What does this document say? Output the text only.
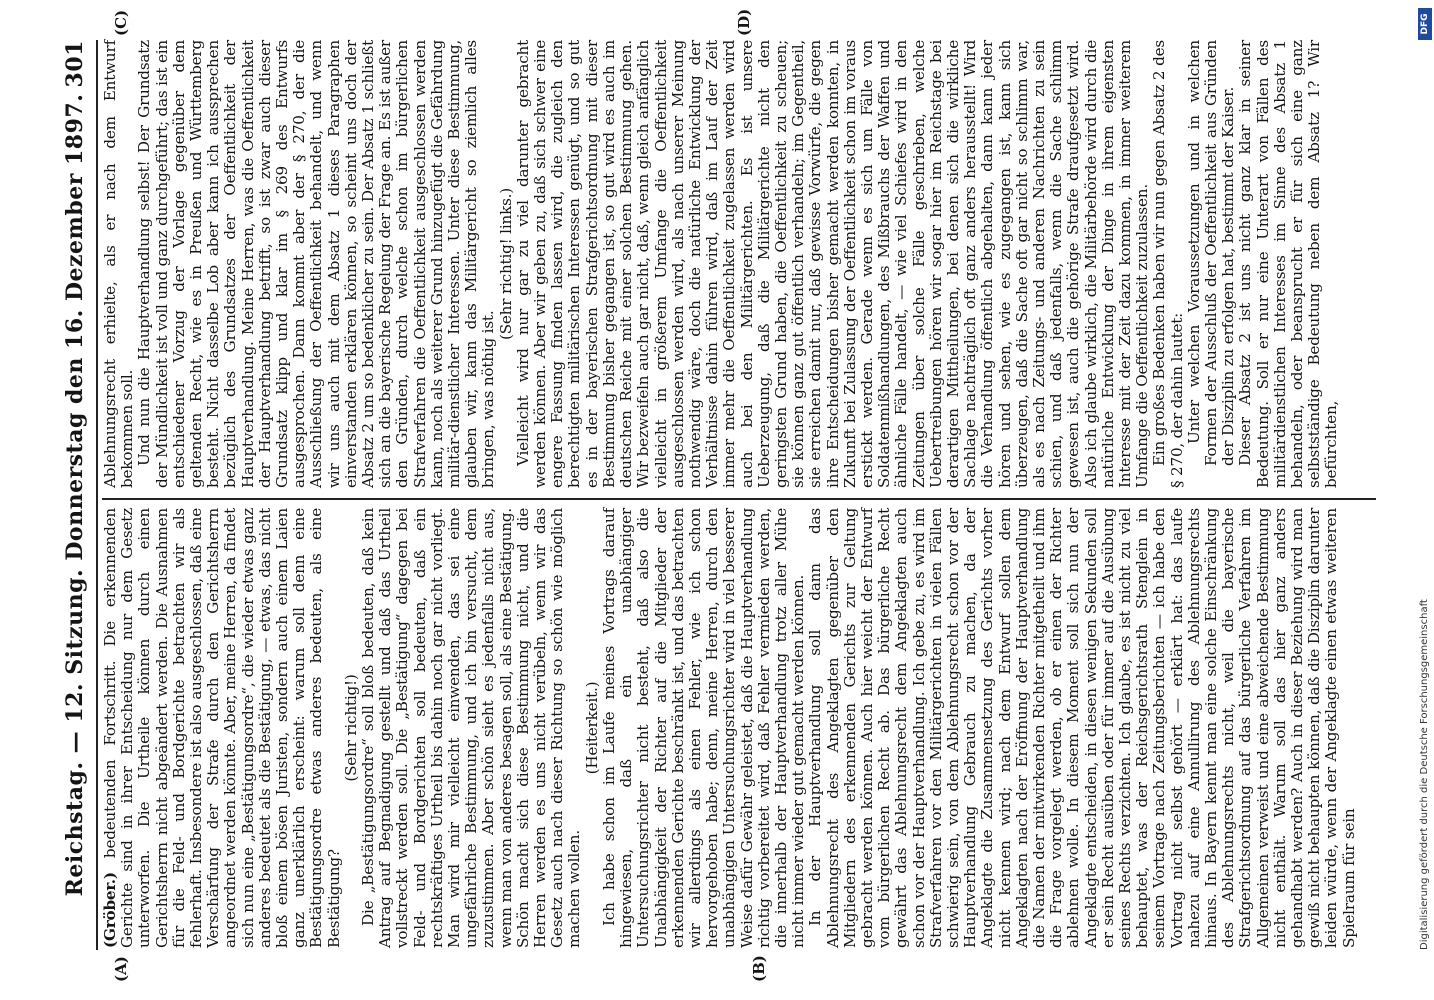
Reichstag. — 12. Sitzung. Donnerstag den 16. Dezember 1897.
301
(A)	(B)
(C)	(D)

(Gröber.) bedeutenden Fortschritt. Die erkennenden Gerichte sind in ihrer Entscheidung nur dem Gesetz unterworfen. Die Urtheile können durch einen Gerichtsherrn nicht abgeändert werden. Die Ausnahmen für die Feld- und Bordgerichte betrachten wir als fehlerhaft. Insbesondere ist also ausgeschlossen, daß eine Verschärfung der Strafe durch den Gerichtsherrn angeordnet werden könnte. Aber, meine Herren, da findet sich nun eine „Bestätigungsordre“, die wieder etwas ganz anderes bedeutet als die Bestätigung, — etwas, das nicht bloß einem bösen Juristen, sondern auch einem Laien ganz unerklärlich erscheint: warum soll denn eine Bestätigungsordre etwas anderes bedeuten, als eine Bestätigung?

(Sehr richtig!) Die „Bestätigungsordre“ soll bloß bedeuten, daß kein Antrag auf Begnadigung gestellt und daß das Urtheil vollstreckt werden soll. Die „Bestätigung“ dagegen bei Feld- und Bordgerichten soll bedeuten, daß ein rechtskräftiges Urtheil bis dahin noch gar nicht vorliegt. Man wird mir vielleicht einwenden, das sei eine ungefährliche Bestimmung, und ich bin versucht, dem zuzustimmen. Aber schön sieht es jedenfalls nicht aus, wenn man von anderes besagen soll, als eine Bestätigung. Schön macht sich diese Bestimmung nicht, und die Herren werden es uns nicht verübeln, wenn wir das Gesetz auch nach dieser Richtung so schön wie möglich machen wollen.

(Heiterkeit.) Ich habe schon im Laufe meines Vortrags darauf hingewiesen, daß ein unabhängiger Untersuchungsrichter nicht besteht, daß also die Unabhängigkeit der Richter auf die Mitglieder der erkennenden Gerichte beschränkt ist, und das betrachten wir allerdings als einen Fehler, wie ich schon hervorgehoben habe; denn, meine Herren, durch den unabhängigen Untersuchungsrichter wird in viel besserer Weise dafür Gewähr geleistet, daß die Hauptverhandlung richtig vorbereitet wird, daß Fehler vermieden werden, die innerhalb der Hauptverhandlung trotz aller Mühe nicht immer wieder gut gemacht werden können. In der Hauptverhandlung soll dann das Ablehnungsrecht des Angeklagten gegenüber den Mitgliedern des erkennenden Gerichts zur Geltung gebracht werden können. Auch hier weicht der Entwurf vom bürgerlichen Recht ab. Das bürgerliche Recht gewährt das Ablehnungsrecht dem Angeklagten auch schon vor der Hauptverhandlung. Ich gebe zu, es wird im Strafverfahren vor den Militärgerichten in vielen Fällen schwierig sein, von dem Ablehnungsrecht schon vor der Hauptverhandlung Gebrauch zu machen, da der Angeklagte die Zusammensetzung des Gerichts vorher nicht kennen wird; nach dem Entwurf sollen dem Angeklagten nach der Eröffnung der Hauptverhandlung die Namen der mitwirkenden Richter mitgetheilt und ihm die Frage vorgelegt werden, ob er einen der Richter ablehnen wolle. In diesem Moment soll sich nun der Angeklagte entscheiden, in diesen wenigen Sekunden soll er sein Recht ausüben oder für immer auf die Ausübung seines Rechts verzichten. Ich glaube, es ist nicht zu viel behauptet, was der Reichsgerichtsrath Stenglein in seinem Vortrage nach Zeitungsberichten — ich habe den Vortrag nicht selbst gehört — erklärt hat: das laufe nahezu auf eine Annullirung des Ablehnungsrechts hinaus. In Bayern kennt man eine solche Einschränkung des Ablehnungsrechts nicht, weil die bayerische Strafgerichtsordnung auf das bürgerliche Verfahren im Allgemeinen verweist und eine abweichende Bestimmung nicht enthält. Warum soll das hier ganz anders gehandhabt werden? Auch in dieser Beziehung wird man gewiß nicht behaupten können, daß die Disziplin darunter leiden würde, wenn der Angeklagte einen etwas weiteren Spielraum für sein

Ablehnungsrecht erhielte, als er nach dem Entwurf bekommen soll. Und nun die Hauptverhandlung selbst! Der Grundsatz der Mündlichkeit ist voll und ganz durchgeführt; das ist ein entschiedener Vorzug der Vorlage gegenüber dem geltenden Recht, wie es in Preußen und Württemberg besteht. Nicht dasselbe Lob aber kann ich aussprechen bezüglich des Grundsatzes der Oeffentlichkeit der Hauptverhandlung. Meine Herren, was die Oeffentlichkeit der Hauptverhandlung betrifft, so ist zwar auch dieser Grundsatz klipp und klar im § 269 des Entwurfs ausgesprochen. Dann kommt aber der § 270, der die Ausschließung der Oeffentlichkeit behandelt, und wenn wir uns auch mit dem Absatz 1 dieses Paragraphen einverstanden erklären können, so scheint uns doch der Absatz 2 um so bedenklicher zu sein. Der Absatz 1 schließt sich an die bayerische Regelung der Frage an. Es ist außer den Gründen, durch welche schon im bürgerlichen Strafverfahren die Oeffentlichkeit ausgeschlossen werden kann, noch als weiterer Grund hinzugefügt die Gefährdung militär-dienstlicher Interessen. Unter diese Bestimmung, glauben wir, kann das Militärgericht so ziemlich alles bringen, was nöthig ist.

(Sehr richtig! links.) Vielleicht wird nur gar zu viel darunter gebracht werden können. Aber wir geben zu, daß sich schwer eine engere Fassung finden lassen wird, die zugleich den berechtigten militärischen Interessen genügt, und so gut es in der bayerischen Strafgerichtsordnung mit dieser Bestimmung bisher gegangen ist, so gut wird es auch im deutschen Reiche mit einer solchen Bestimmung gehen. Wir bezweifeln auch gar nicht, daß, wenn gleich anfänglich vielleicht in größerem Umfange die Oeffentlichkeit ausgeschlossen werden wird, als nach unserer Meinung nothwendig wäre, doch die natürliche Entwicklung der Verhältnisse dahin führen wird, daß im Lauf der Zeit immer mehr die Oeffentlichkeit zugelassen werden wird auch bei den Militärgerichten. Es ist unsere Ueberzeugung, daß die Militärgerichte nicht den geringsten Grund haben, die Oeffentlichkeit zu scheuen; sie können ganz gut öffentlich verhandeln; im Gegentheil, sie erreichen damit nur, daß gewisse Vorwürfe, die gegen ihre Entscheidungen bisher gemacht werden konnten, in Zukunft bei Zulassung der Oeffentlichkeit schon im voraus erstickt werden. Gerade wenn es sich um Fälle von Soldatenmißhandlungen, des Mißbrauchs der Waffen und ähnliche Fälle handelt, — wie viel Schiefes wird in den Zeitungen über solche Fälle geschrieben, welche Uebertreibungen hören wir sogar hier im Reichstage bei derartigen Mittheilungen, bei denen sich die wirkliche Sachlage nachträglich oft ganz anders herausstellt! Wird die Verhandlung öffentlich abgehalten, dann kann jeder hören und sehen, wie es zugegangen ist, kann sich überzeugen, daß die Sache oft gar nicht so schlimm war, als es nach Zeitungs- und anderen Nachrichten zu sein schien, und daß jedenfalls, wenn die Sache schlimm gewesen ist, auch die gehörige Strafe draufgesetzt wird. Also ich glaube wirklich, die Militärbehörde wird durch die natürliche Entwicklung der Dinge in ihrem eigensten Interesse mit der Zeit dazu kommen, in immer weiterem Umfange die Oeffentlichkeit zuzulassen. Ein großes Bedenken haben wir nun gegen Absatz 2 des § 270, der dahin lautet: Unter welchen Voraussetzungen und in welchen Formen der Ausschluß der Oeffentlichkeit aus Gründen der Disziplin zu erfolgen hat, bestimmt der Kaiser. Dieser Absatz 2 ist uns nicht ganz klar in seiner Bedeutung. Soll er nur eine Unterart von Fällen des militärdienstlichen Interesses im Sinne des Absatz 1 behandeln, oder beansprucht er für sich eine ganz selbstständige Bedeutung neben dem Absatz 1? Wir befürchten,

DFG
Digitalisierung gefördert durch die Deutsche Forschungsgemeinschaft
